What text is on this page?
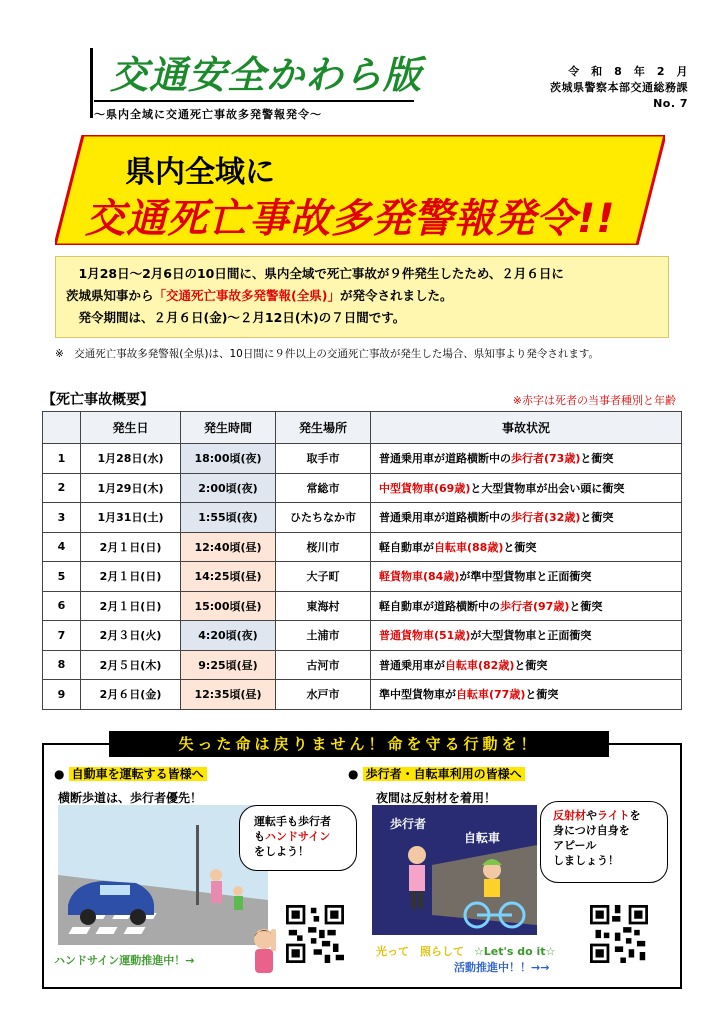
交通安全かわら版
～県内全域に交通死亡事故多発警報発令～
令　和　8　年　2　月
茨城県警察本部交通総務課
No. 7
県内全域に
交通死亡事故多発警報発令!!
　1月28日～2月6日の10日間に、県内全域で死亡事故が９件発生したため、２月６日に
茨城県知事から「交通死亡事故多発警報(全県)」が発令されました。
　発令期間は、２月６日(金)～２月12日(木)の７日間です。
※　交通死亡事故多発警報(全県)は、10日間に９件以上の交通死亡事故が発生した場合、県知事より発令されます。
【死亡事故概要】	※赤字は死者の当事者種別と年齢
	発生日	発生時間	発生場所	事故状況
1	1月28日(水)	18:00頃(夜)	取手市	普通乗用車が道路横断中の歩行者(73歳)と衝突
2	1月29日(木)	2:00頃(夜)	常総市	中型貨物車(69歳)と大型貨物車が出会い頭に衝突
3	1月31日(土)	1:55頃(夜)	ひたちなか市	普通乗用車が道路横断中の歩行者(32歳)と衝突
4	2月１日(日)	12:40頃(昼)	桜川市	軽自動車が自転車(88歳)と衝突
5	2月１日(日)	14:25頃(昼)	大子町	軽貨物車(84歳)が準中型貨物車と正面衝突
6	2月１日(日)	15:00頃(昼)	東海村	軽自動車が道路横断中の歩行者(97歳)と衝突
7	2月３日(火)	4:20頃(夜)	土浦市	普通貨物車(51歳)が大型貨物車と正面衝突
8	2月５日(木)	9:25頃(昼)	古河市	普通乗用車が自転車(82歳)と衝突
9	2月６日(金)	12:35頃(昼)	水戸市	準中型貨物車が自転車(77歳)と衝突
失った命は戻りません！命を守る行動を！
● 自動車を運転する皆様へ
横断歩道は、歩行者優先！
運転手も歩行者
もハンドサイン
をしよう！
ハンドサイン運動推進中！→
● 歩行者・自転車利用の皆様へ
夜間は反射材を着用！
歩行者
自転車
反射材やライトを
身につけ自身を
アピール
しましょう！
光って　照らして ☆Let's do it☆
活動推進中！！→→
